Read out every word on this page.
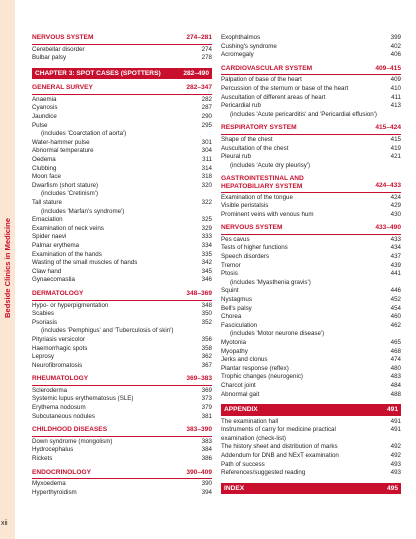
Bedside Clinics in Medicine
xii
NERVOUS SYSTEM	274–281
Cerebellar disorder	274
Bulbar palsy	278
CHAPTER 3: SPOT CASES (SPOTTERS)	282–490
GENERAL SURVEY	282–347
Anaemia	282
Cyanosis	287
Jaundice	290
Pulse	295
(includes 'Coarctation of aorta')
Water-hammer pulse	301
Abnormal temperature	304
Oedema	311
Clubbing	314
Moon face	318
Dwarfism (short stature)	320
(includes 'Cretinism')
Tall stature	322
(includes 'Marfan's syndrome')
Emaciation	325
Examination of neck veins	329
Spider naevi	333
Palmar erythema	334
Examination of the hands	335
Wasting of the small muscles of hands	342
Claw hand	345
Gynaecomastia	346
DERMATOLOGY	348–369
Hypo- or hyperpigmentation	348
Scabies	350
Psoriasis	352
(includes 'Pemphigus' and 'Tuberculosis of skin')
Pityriasis versicolor	356
Haemorrhagic spots	358
Leprosy	362
Neurofibromatosis	367
RHEUMATOLOGY	369–383
Scleroderma	369
Systemic lupus erythematosus (SLE)	373
Erythema nodosum	379
Subcutaneous nodules	381
CHILDHOOD DISEASES	383–390
Down syndrome (mongolism)	383
Hydrocephalus	384
Rickets	386
ENDOCRINOLOGY	390–409
Myxoedema	390
Hyperthyroidism	394
Exophthalmos	399
Cushing's syndrome	402
Acromegaly	406
CARDIOVASCULAR SYSTEM	409–415
Palpation of base of the heart	409
Percussion of the sternum or base of the heart	410
Auscultation of different areas of heart	411
Pericardial rub	413
(includes 'Acute pericarditis' and 'Pericardial effusion')
RESPIRATORY SYSTEM	415–424
Shape of the chest	415
Auscultation of the chest	419
Pleural rub	421
(includes 'Acute dry pleurisy')
GASTROINTESTINAL AND HEPATOBILIARY SYSTEM	424–433
Examination of the tongue	424
Visible peristalsis	429
Prominent veins with venous hum	430
NERVOUS SYSTEM	433–490
Pes cavus	433
Tests of higher functions	434
Speech disorders	437
Tremor	439
Ptosis	441
(includes 'Myasthenia gravis')
Squint	446
Nystagmus	452
Bell's palsy	454
Chorea	460
Fasciculation	462
(includes 'Motor neurone disease')
Myotonia	465
Myopathy	468
Jerks and clonus	474
Plantar response (reflex)	480
Trophic changes (neurogenic)	483
Charcot joint	484
Abnormal gait	488
APPENDIX	491
The examination hall	491
Instruments of carry for medicine practical	491
examination (check-list)
The history sheet and distribution of marks	492
Addendum for DNB and NExT examination	492
Path of success	493
References/suggested reading	493
INDEX	495
